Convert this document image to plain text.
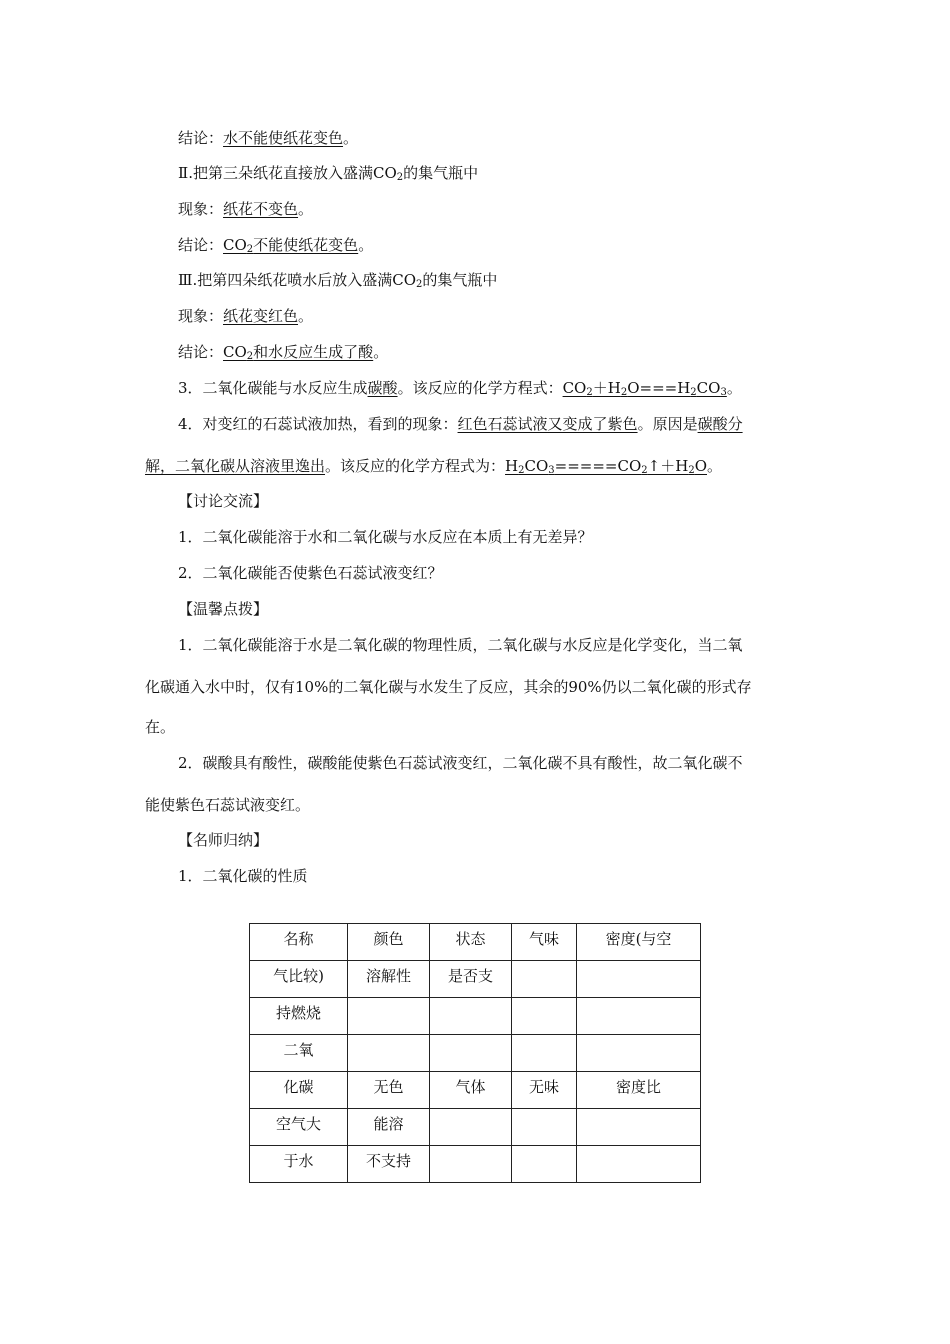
结论：水不能使纸花变色。
Ⅱ.把第三朵纸花直接放入盛满$CO_2$的集气瓶中
现象：纸花不变色。
结论：$CO_2$不能使纸花变色。
Ⅲ.把第四朵纸花喷水后放入盛满$CO_2$的集气瓶中
现象：纸花变红色。
结论：$CO_2$和水反应生成了酸。
3．二氧化碳能与水反应生成碳酸。该反应的化学方程式：$CO_2+H_2O===H_2CO_3$。
4．对变红的石蕊试液加热，看到的现象：红色石蕊试液又变成了紫色。原因是碳酸分
解，二氧化碳从溶液里逸出。该反应的化学方程式为：$H_2CO_3=====CO_2↑+H_2O$。
【讨论交流】
1．二氧化碳能溶于水和二氧化碳与水反应在本质上有无差异？
2．二氧化碳能否使紫色石蕊试液变红？
【温馨点拨】
1．二氧化碳能溶于水是二氧化碳的物理性质，二氧化碳与水反应是化学变化，当二氧
化碳通入水中时，仅有10%的二氧化碳与水发生了反应，其余的90%仍以二氧化碳的形式存
在。
2．碳酸具有酸性，碳酸能使紫色石蕊试液变红，二氧化碳不具有酸性，故二氧化碳不
能使紫色石蕊试液变红。
【名师归纳】
1．二氧化碳的性质
名称	颜色	状态	气味	密度(与空
气比较)	溶解性	是否支		
持燃烧				
二氧				
化碳	无色	气体	无味	密度比
空气大	能溶			
于水	不支持			
